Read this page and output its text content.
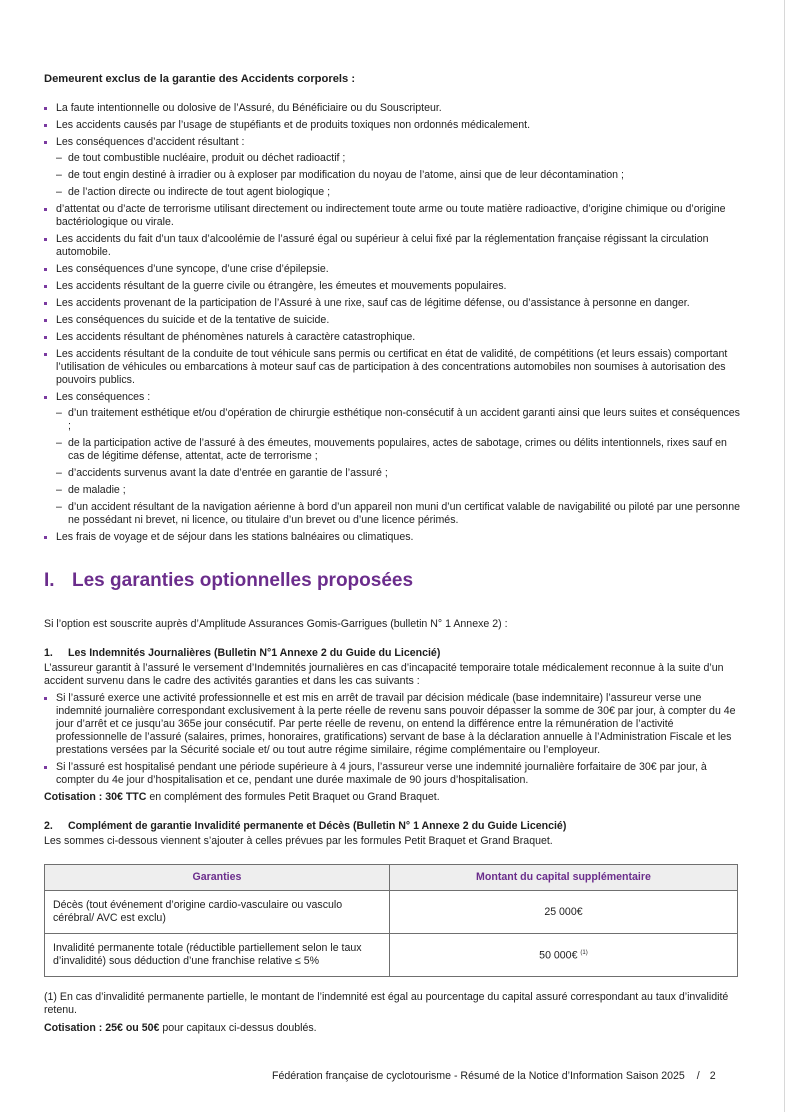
Demeurent exclus de la garantie des Accidents corporels :
La faute intentionnelle ou dolosive de l’Assuré, du Bénéficiaire ou du Souscripteur.
Les accidents causés par l’usage de stupéfiants et de produits toxiques non ordonnés médicalement.
Les conséquences d’accident résultant :
– de tout combustible nucléaire, produit ou déchet radioactif ;
– de tout engin destiné à irradier ou à exploser par modification du noyau de l’atome, ainsi que de leur décontamination ;
– de l’action directe ou indirecte de tout agent biologique ;
d’attentat ou d’acte de terrorisme utilisant directement ou indirectement toute arme ou toute matière radioactive, d’origine chimique ou d’origine bactériologique ou virale.
Les accidents du fait d’un taux d’alcoolémie de l’assuré égal ou supérieur à celui fixé par la réglementation française régissant la circulation automobile.
Les conséquences d’une syncope, d’une crise d’épilepsie.
Les accidents résultant de la guerre civile ou étrangère, les émeutes et mouvements populaires.
Les accidents provenant de la participation de l’Assuré à une rixe, sauf cas de légitime défense, ou d’assistance à personne en danger.
Les conséquences du suicide et de la tentative de suicide.
Les accidents résultant de phénomènes naturels à caractère catastrophique.
Les accidents résultant de la conduite de tout véhicule sans permis ou certificat en état de validité, de compétitions (et leurs essais) comportant l’utilisation de véhicules ou embarcations à moteur sauf cas de participation à des concentrations automobiles non soumises à autorisation des pouvoirs publics.
Les conséquences :
– d’un traitement esthétique et/ou d’opération de chirurgie esthétique non-consécutif à un accident garanti ainsi que leurs suites et conséquences ;
– de la participation active de l’assuré à des émeutes, mouvements populaires, actes de sabotage, crimes ou délits intentionnels, rixes sauf en cas de légitime défense, attentat, acte de terrorisme ;
– d’accidents survenus avant la date d’entrée en garantie de l’assuré ;
– de maladie ;
– d’un accident résultant de la navigation aérienne à bord d’un appareil non muni d’un certificat valable de navigabilité ou piloté par une personne ne possédant ni brevet, ni licence, ou titulaire d’un brevet ou d’une licence périmés.
Les frais de voyage et de séjour dans les stations balnéaires ou climatiques.
I. Les garanties optionnelles proposées

Si l’option est souscrite auprès d’Amplitude Assurances Gomis-Garrigues (bulletin N° 1 Annexe 2) :

1. Les Indemnités Journalières (Bulletin N°1 Annexe 2 du Guide du Licencié)

L’assureur garantit à l’assuré le versement d’Indemnités journalières en cas d’incapacité temporaire totale médicalement reconnue à la suite d’un accident survenu dans le cadre des activités garanties et dans les cas suivants :

Si l’assuré exerce une activité professionnelle et est mis en arrêt de travail par décision médicale (base indemnitaire) l’assureur verse une indemnité journalière correspondant exclusivement à la perte réelle de revenu sans pouvoir dépasser la somme de 30€ par jour, à compter du 4e jour d’arrêt et ce jusqu’au 365e jour consécutif. Par perte réelle de revenu, on entend la différence entre la rémunération de l’activité professionnelle de l’assuré (salaires, primes, honoraires, gratifications) servant de base à la déclaration annuelle à l’Administration Fiscale et les prestations versées par la Sécurité sociale et/ ou tout autre régime similaire, régime complémentaire ou l’employeur.
Si l’assuré est hospitalisé pendant une période supérieure à 4 jours, l’assureur verse une indemnité journalière forfaitaire de 30€ par jour, à compter du 4e jour d’hospitalisation et ce, pendant une durée maximale de 90 jours d’hospitalisation.

Cotisation : 30€ TTC en complément des formules Petit Braquet ou Grand Braquet.

2. Complément de garantie Invalidité permanente et Décès (Bulletin N° 1 Annexe 2 du Guide Licencié)

Les sommes ci-dessous viennent s’ajouter à celles prévues par les formules Petit Braquet et Grand Braquet.

Garanties	Montant du capital supplémentaire
Décès (tout événement d’origine cardio-vasculaire ou vasculo cérébral/ AVC est exclu)	25 000€
Invalidité permanente totale (réductible partiellement selon le taux d’invalidité) sous déduction d’une franchise relative ≤ 5%	50 000€ $^{(1)}$

(1) En cas d’invalidité permanente partielle, le montant de l’indemnité est égal au pourcentage du capital assuré correspondant au taux d’invalidité retenu.

Cotisation : 25€ ou 50€ pour capitaux ci-dessus doublés.

Fédération française de cyclotourisme - Résumé de la Notice d’Information Saison 2025 / 2
